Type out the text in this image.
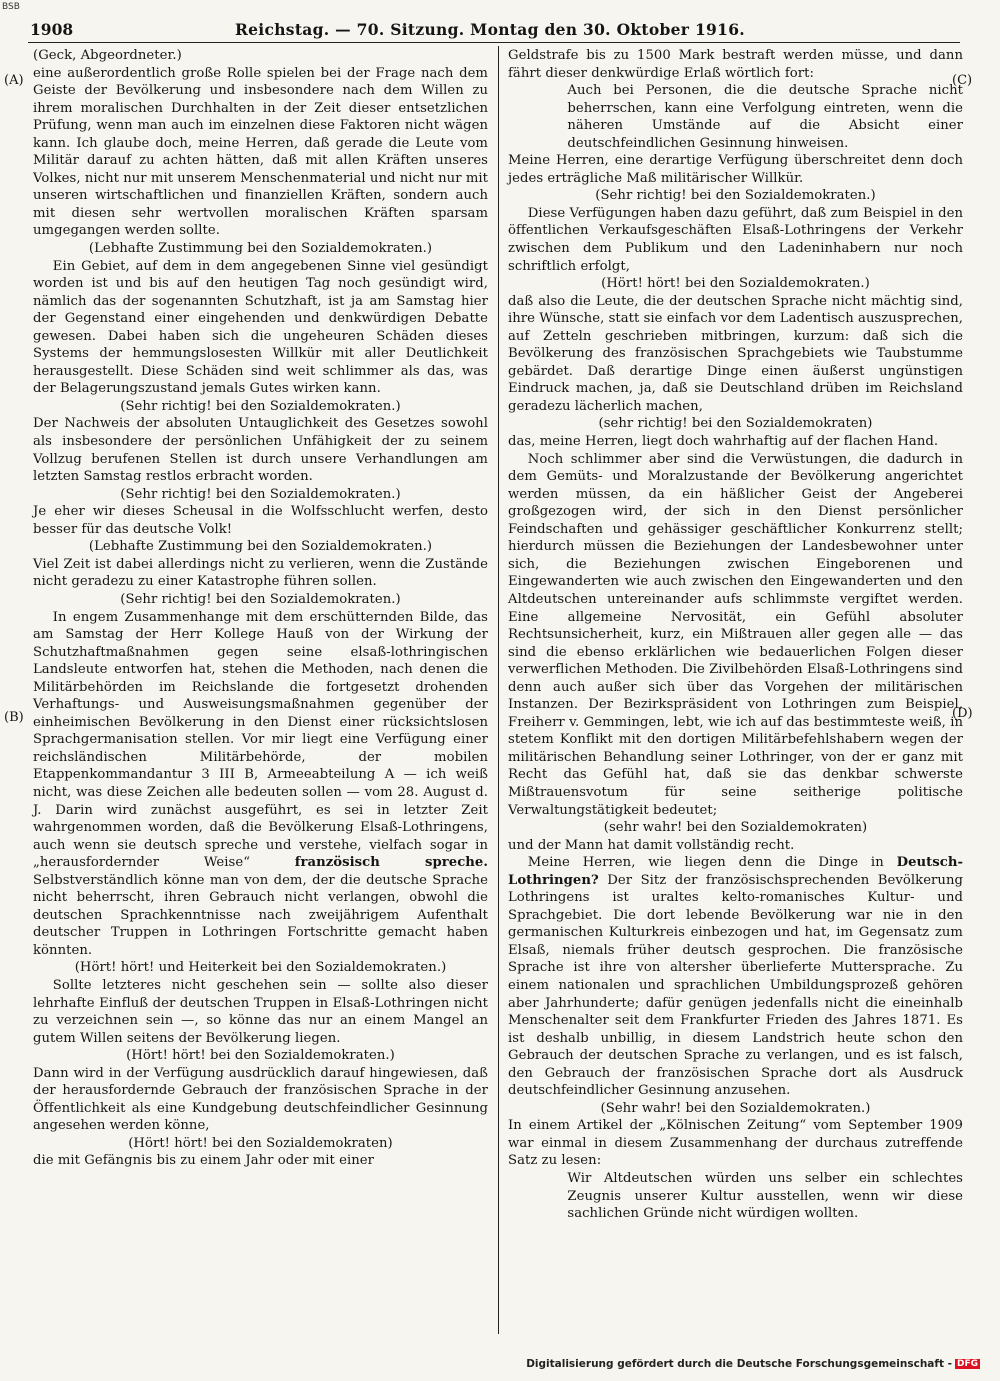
BSB
1908	Reichstag. — 70. Sitzung. Montag den 30. Oktober 1916.
(A)
(B)
(C)
(D)

(Geck, Abgeordneter.)

eine außerordentlich große Rolle spielen bei der Frage nach dem Geiste der Bevölkerung und insbesondere nach dem Willen zu ihrem moralischen Durchhalten in der Zeit dieser entsetzlichen Prüfung, wenn man auch im einzelnen diese Faktoren nicht wägen kann. Ich glaube doch, meine Herren, daß gerade die Leute vom Militär darauf zu achten hätten, daß mit allen Kräften unseres Volkes, nicht nur mit unserem Menschenmaterial und nicht nur mit unseren wirtschaftlichen und finanziellen Kräften, sondern auch mit diesen sehr wertvollen moralischen Kräften sparsam umgegangen werden sollte.

(Lebhafte Zustimmung bei den Sozialdemokraten.)

Ein Gebiet, auf dem in dem angegebenen Sinne viel gesündigt worden ist und bis auf den heutigen Tag noch gesündigt wird, nämlich das der sogenannten Schutzhaft, ist ja am Samstag hier der Gegenstand einer eingehenden und denkwürdigen Debatte gewesen. Dabei haben sich die ungeheuren Schäden dieses Systems der hemmungslosesten Willkür mit aller Deutlichkeit herausgestellt. Diese Schäden sind weit schlimmer als das, was der Belagerungszustand jemals Gutes wirken kann.

(Sehr richtig! bei den Sozialdemokraten.)

Der Nachweis der absoluten Untauglichkeit des Gesetzes sowohl als insbesondere der persönlichen Unfähigkeit der zu seinem Vollzug berufenen Stellen ist durch unsere Verhandlungen am letzten Samstag restlos erbracht worden.

(Sehr richtig! bei den Sozialdemokraten.)

Je eher wir dieses Scheusal in die Wolfsschlucht werfen, desto besser für das deutsche Volk!

(Lebhafte Zustimmung bei den Sozialdemokraten.)

Viel Zeit ist dabei allerdings nicht zu verlieren, wenn die Zustände nicht geradezu zu einer Katastrophe führen sollen.

(Sehr richtig! bei den Sozialdemokraten.)

In engem Zusammenhange mit dem erschütternden Bilde, das am Samstag der Herr Kollege Hauß von der Wirkung der Schutzhaftmaßnahmen gegen seine elsaß-lothringischen Landsleute entworfen hat, stehen die Methoden, nach denen die Militärbehörden im Reichslande die fortgesetzt drohenden Verhaftungs- und Ausweisungsmaßnahmen gegenüber der einheimischen Bevölkerung in den Dienst einer rücksichtslosen Sprachgermanisation stellen. Vor mir liegt eine Verfügung einer reichsländischen Militärbehörde, der mobilen Etappenkommandantur 3 III B, Armeeabteilung A — ich weiß nicht, was diese Zeichen alle bedeuten sollen — vom 28. August d. J. Darin wird zunächst ausgeführt, es sei in letzter Zeit wahrgenommen worden, daß die Bevölkerung Elsaß-Lothringens, auch wenn sie deutsch spreche und verstehe, vielfach sogar in „herausfordernder Weise“	französisch spreche. Selbstverständlich könne man von dem, der die deutsche Sprache nicht beherrscht, ihren Gebrauch nicht verlangen, obwohl die deutschen Sprachkenntnisse nach zweijährigem Aufenthalt deutscher Truppen in Lothringen Fortschritte gemacht haben könnten.

(Hört! hört! und Heiterkeit bei den Sozialdemokraten.)

Sollte letzteres nicht geschehen sein — sollte also dieser lehrhafte Einfluß der deutschen Truppen in Elsaß-Lothringen nicht zu verzeichnen sein —, so könne das nur an einem Mangel an gutem Willen seitens der Bevölkerung liegen.

(Hört! hört! bei den Sozialdemokraten.)

Dann wird in der Verfügung ausdrücklich darauf hingewiesen, daß der herausfordernde Gebrauch der französischen Sprache in der Öffentlichkeit als eine Kundgebung deutschfeindlicher Gesinnung angesehen werden könne,

(Hört! hört! bei den Sozialdemokraten)

die mit Gefängnis bis zu einem Jahr oder mit einer

Geldstrafe bis zu 1500 Mark bestraft werden müsse, und dann fährt dieser denkwürdige Erlaß wörtlich fort:

Auch bei Personen, die die deutsche Sprache nicht beherrschen, kann eine Verfolgung eintreten, wenn die näheren Umstände auf die Absicht einer deutschfeindlichen Gesinnung hinweisen.

Meine Herren, eine derartige Verfügung überschreitet denn doch jedes erträgliche Maß militärischer Willkür.

(Sehr richtig! bei den Sozialdemokraten.)

Diese Verfügungen haben dazu geführt, daß zum Beispiel in den öffentlichen Verkaufsgeschäften Elsaß-Lothringens der Verkehr zwischen dem Publikum und den Ladeninhabern nur noch schriftlich erfolgt,

(Hört! hört! bei den Sozialdemokraten.)

daß also die Leute, die der deutschen Sprache nicht mächtig sind, ihre Wünsche, statt sie einfach vor dem Ladentisch auszusprechen, auf Zetteln geschrieben mitbringen, kurzum: daß sich die Bevölkerung des französischen Sprachgebiets wie Taubstumme gebärdet. Daß derartige Dinge einen äußerst ungünstigen Eindruck machen, ja, daß sie Deutschland drüben im Reichsland geradezu lächerlich machen,

(sehr richtig! bei den Sozialdemokraten)

das, meine Herren, liegt doch wahrhaftig auf der flachen Hand.

Noch schlimmer aber sind die Verwüstungen, die dadurch in dem Gemüts- und Moralzustande der Bevölkerung angerichtet werden müssen, da ein häßlicher Geist der Angeberei großgezogen wird, der sich in den Dienst persönlicher Feindschaften und gehässiger geschäftlicher Konkurrenz stellt; hierdurch müssen die Beziehungen der Landesbewohner unter sich, die Beziehungen zwischen Eingeborenen und Eingewanderten wie auch zwischen den Eingewanderten und den Altdeutschen untereinander aufs schlimmste vergiftet werden. Eine allgemeine Nervosität, ein Gefühl absoluter Rechtsunsicherheit, kurz, ein Mißtrauen aller gegen alle — das sind die ebenso erklärlichen wie bedauerlichen Folgen dieser verwerflichen Methoden. Die Zivilbehörden Elsaß-Lothringens sind denn auch außer sich über das Vorgehen der militärischen Instanzen. Der Bezirkspräsident von Lothringen zum Beispiel, Freiherr v. Gemmingen, lebt, wie ich auf das bestimmteste weiß, in stetem Konflikt mit den dortigen Militärbefehlshabern wegen der militärischen Behandlung seiner Lothringer, von der er ganz mit Recht das Gefühl hat, daß sie das denkbar schwerste Mißtrauensvotum für seine seitherige politische Verwaltungstätigkeit bedeutet;

(sehr wahr! bei den Sozialdemokraten)

und der Mann hat damit vollständig recht.

Meine Herren, wie liegen denn die Dinge in Deutsch-Lothringen? Der Sitz der französischsprechenden Bevölkerung Lothringens ist uraltes kelto-romanisches Kultur- und Sprachgebiet. Die dort lebende Bevölkerung war nie in den germanischen Kulturkreis einbezogen und hat, im Gegensatz zum Elsaß, niemals früher deutsch gesprochen. Die französische Sprache ist ihre von altersher überlieferte Muttersprache. Zu einem nationalen und sprachlichen Umbildungsprozeß gehören aber Jahrhunderte; dafür genügen jedenfalls nicht die eineinhalb Menschenalter seit dem Frankfurter Frieden des Jahres 1871. Es ist deshalb unbillig, in diesem Landstrich heute schon den Gebrauch der deutschen Sprache zu verlangen, und es ist falsch, den Gebrauch der französischen Sprache dort als Ausdruck deutschfeindlicher Gesinnung anzusehen.

(Sehr wahr! bei den Sozialdemokraten.)

In einem Artikel der „Kölnischen Zeitung“ vom September 1909 war einmal in diesem Zusammenhang der durchaus zutreffende Satz zu lesen:

Wir Altdeutschen würden uns selber ein schlechtes Zeugnis unserer Kultur ausstellen, wenn wir diese sachlichen Gründe nicht würdigen wollten.

Digitalisierung gefördert durch die Deutsche Forschungsgemeinschaft - DFG
